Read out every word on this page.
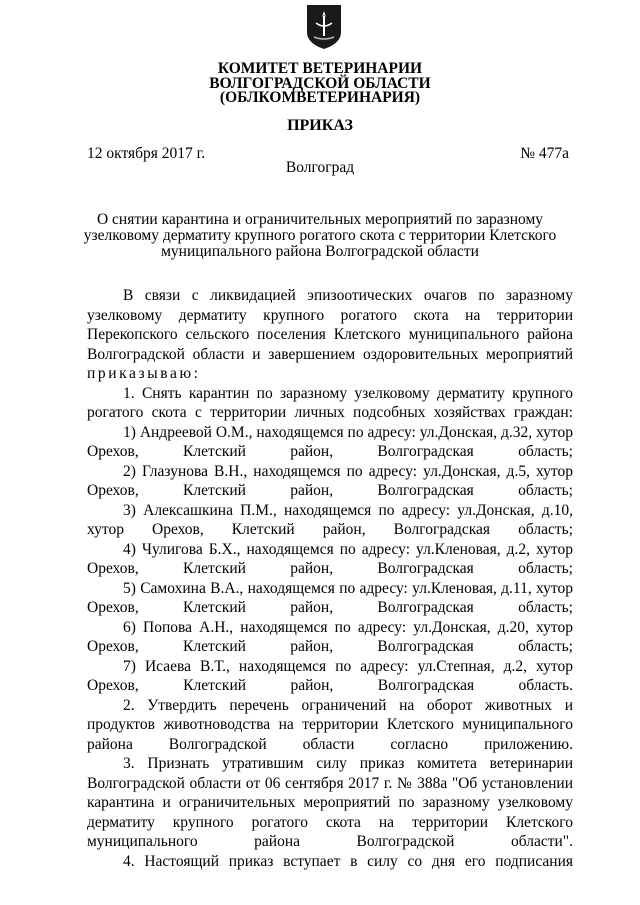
КОМИТЕТ ВЕТЕРИНАРИИ
ВОЛГОГРАДСКОЙ ОБЛАСТИ
(ОБЛКОМВЕТЕРИНАРИЯ)
ПРИКАЗ
12 октября 2017 г.	№ 477а
Волгоград
О снятии карантина и ограничительных мероприятий по заразному узелковому дерматиту крупного рогатого скота с территории Клетского муниципального района Волгоградской области

В связи с ликвидацией эпизоотических очагов по заразному узелковому дерматиту крупного рогатого скота на территории Перекопского сельского поселения Клетского муниципального района Волгоградской области и завершением оздоровительных мероприятий

приказываю:

1. Снять карантин по заразному узелковому дерматиту крупного рогатого скота с территории личных подсобных хозяйствах граждан:

1) Андреевой О.М., находящемся по адресу: ул.Донская, д.32, хутор Орехов, Клетский район, Волгоградская область;

2) Глазунова В.Н., находящемся по адресу: ул.Донская, д.5, хутор Орехов, Клетский район, Волгоградская область;

3) Алексашкина П.М., находящемся по адресу: ул.Донская, д.10, хутор Орехов, Клетский район, Волгоградская область;

4) Чулигова Б.Х., находящемся по адресу: ул.Кленовая, д.2, хутор Орехов, Клетский район, Волгоградская область;

5) Самохина В.А., находящемся по адресу: ул.Кленовая, д.11, хутор Орехов, Клетский район, Волгоградская область;

6) Попова А.Н., находящемся по адресу: ул.Донская, д.20, хутор Орехов, Клетский район, Волгоградская область;

7) Исаева В.Т., находящемся по адресу: ул.Степная, д.2, хутор Орехов, Клетский район, Волгоградская область.

2. Утвердить перечень ограничений на оборот животных и продуктов животноводства на территории Клетского муниципального района Волгоградской области согласно приложению.

3. Признать утратившим силу приказ комитета ветеринарии Волгоградской области от 06 сентября 2017 г. № 388а "Об установлении карантина и ограничительных мероприятий по заразному узелковому дерматиту крупного рогатого скота на территории Клетского муниципального района Волгоградской области".

4. Настоящий приказ вступает в силу со дня его подписания
